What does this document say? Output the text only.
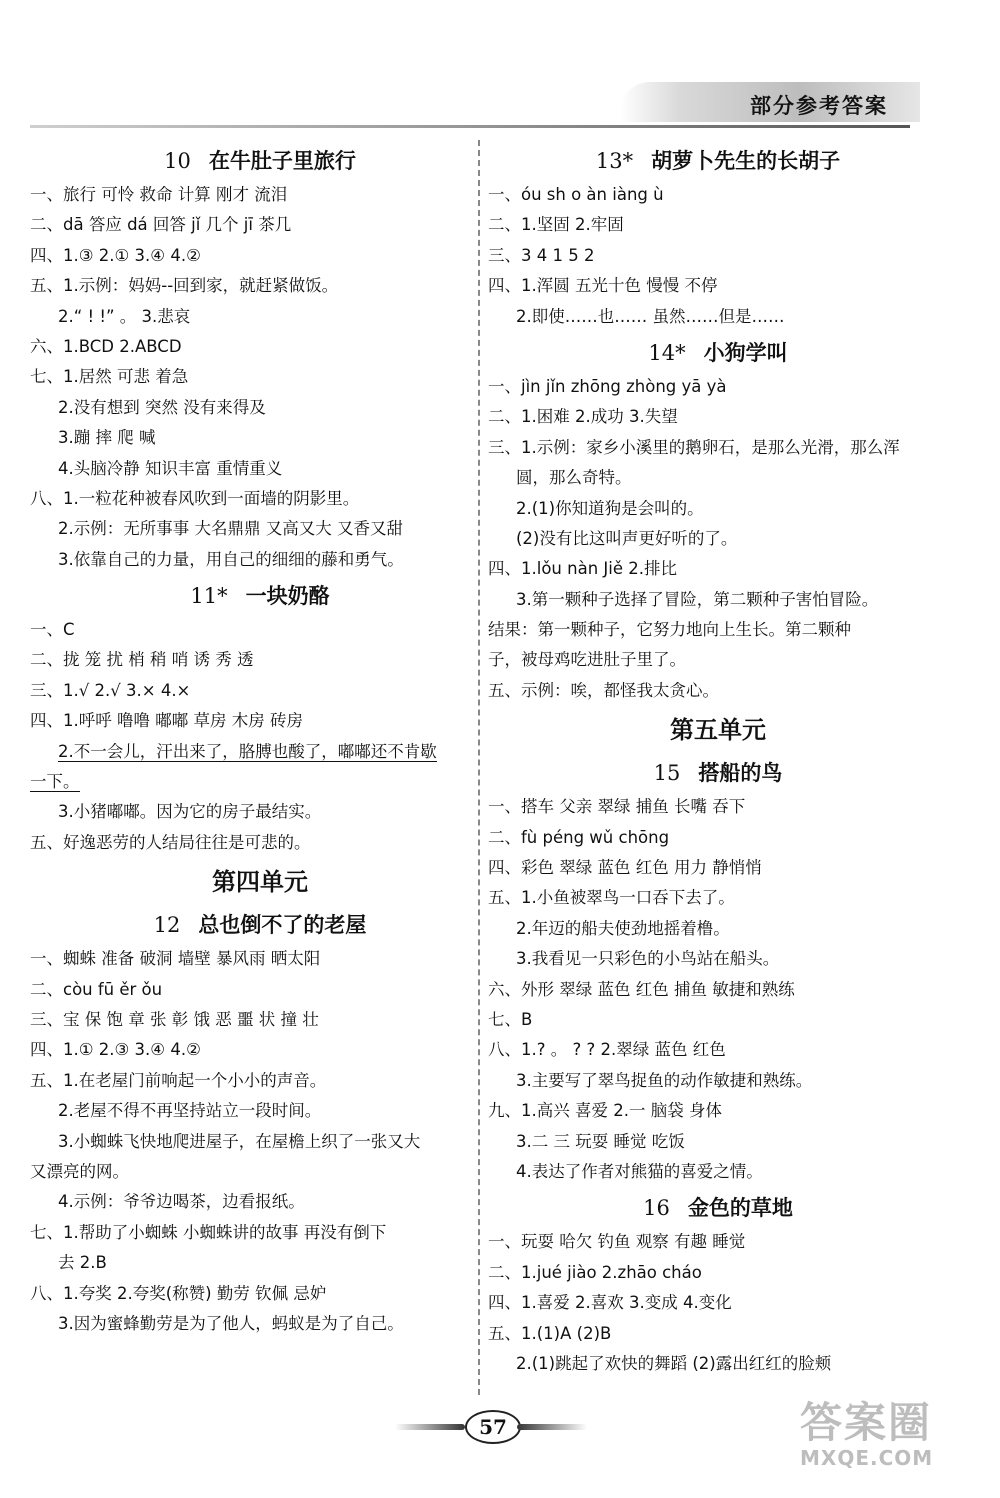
部分参考答案
10 在牛肚子里旅行
一、旅行 可怜 救命 计算 刚才 流泪
二、dā 答应 dá 回答 jǐ 几个 jī 茶几
四、1.③ 2.① 3.④ 4.②
五、1.示例：妈妈--回到家，就赶紧做饭。
2.“ ! !” 。 3.悲哀
六、1.BCD 2.ABCD
七、1.居然 可悲 着急
2.没有想到 突然 没有来得及
3.蹦 摔 爬 喊
4.头脑冷静 知识丰富 重情重义
八、1.一粒花种被春风吹到一面墙的阴影里。
2.示例：无所事事 大名鼎鼎 又高又大 又香又甜
3.依靠自己的力量，用自己的细细的藤和勇气。
11* 一块奶酪
一、C
二、拢 笼 扰 梢 稍 哨 诱 秀 透
三、1.√ 2.√ 3.× 4.×
四、1.呼呼 噜噜 嘟嘟 草房 木房 砖房
2.不一会儿，汗出来了，胳膊也酸了，嘟嘟还不肯歇
一下。
3.小猪嘟嘟。因为它的房子最结实。
五、好逸恶劳的人结局往往是可悲的。
第四单元
12 总也倒不了的老屋
一、蜘蛛 准备 破洞 墙壁 暴风雨 晒太阳
二、còu fū ěr ǒu
三、宝 保 饱 章 张 彰 饿 恶 噩 状 撞 壮
四、1.① 2.③ 3.④ 4.②
五、1.在老屋门前响起一个小小的声音。
2.老屋不得不再坚持站立一段时间。
3.小蜘蛛飞快地爬进屋子，在屋檐上织了一张又大
又漂亮的网。
4.示例：爷爷边喝茶，边看报纸。
七、1.帮助了小蜘蛛 小蜘蛛讲的故事 再没有倒下
去 2.B
八、1.夸奖 2.夸奖(称赞) 勤劳 钦佩 忌妒
3.因为蜜蜂勤劳是为了他人，蚂蚁是为了自己。
13* 胡萝卜先生的长胡子
一、óu sh o àn iàng ù
二、1.坚固 2.牢固
三、3 4 1 5 2
四、1.浑圆 五光十色 慢慢 不停
2.即使……也…… 虽然……但是……
14* 小狗学叫
一、jìn jǐn zhōng zhòng yā yà
二、1.困难 2.成功 3.失望
三、1.示例：家乡小溪里的鹅卵石，是那么光滑，那么浑
圆，那么奇特。
2.(1)你知道狗是会叫的。
(2)没有比这叫声更好听的了。
四、1.lǒu nàn Jiě 2.排比
3.第一颗种子选择了冒险，第二颗种子害怕冒险。
结果：第一颗种子，它努力地向上生长。第二颗种
子，被母鸡吃进肚子里了。
五、示例：唉，都怪我太贪心。
第五单元
15 搭船的鸟
一、搭车 父亲 翠绿 捕鱼 长嘴 吞下
二、fù péng wǔ chōng
四、彩色 翠绿 蓝色 红色 用力 静悄悄
五、1.小鱼被翠鸟一口吞下去了。
2.年迈的船夫使劲地摇着橹。
3.我看见一只彩色的小鸟站在船头。
六、外形 翠绿 蓝色 红色 捕鱼 敏捷和熟练
七、B
八、1.? 。 ? ? 2.翠绿 蓝色 红色
3.主要写了翠鸟捉鱼的动作敏捷和熟练。
九、1.高兴 喜爱 2.一 脑袋 身体
3.二 三 玩耍 睡觉 吃饭
4.表达了作者对熊猫的喜爱之情。
16 金色的草地
一、玩耍 哈欠 钓鱼 观察 有趣 睡觉
二、1.jué jiào 2.zhāo cháo
四、1.喜爱 2.喜欢 3.变成 4.变化
五、1.(1)A (2)B
2.(1)跳起了欢快的舞蹈 (2)露出红红的脸颊
57	答案圈
MXQE.COM
